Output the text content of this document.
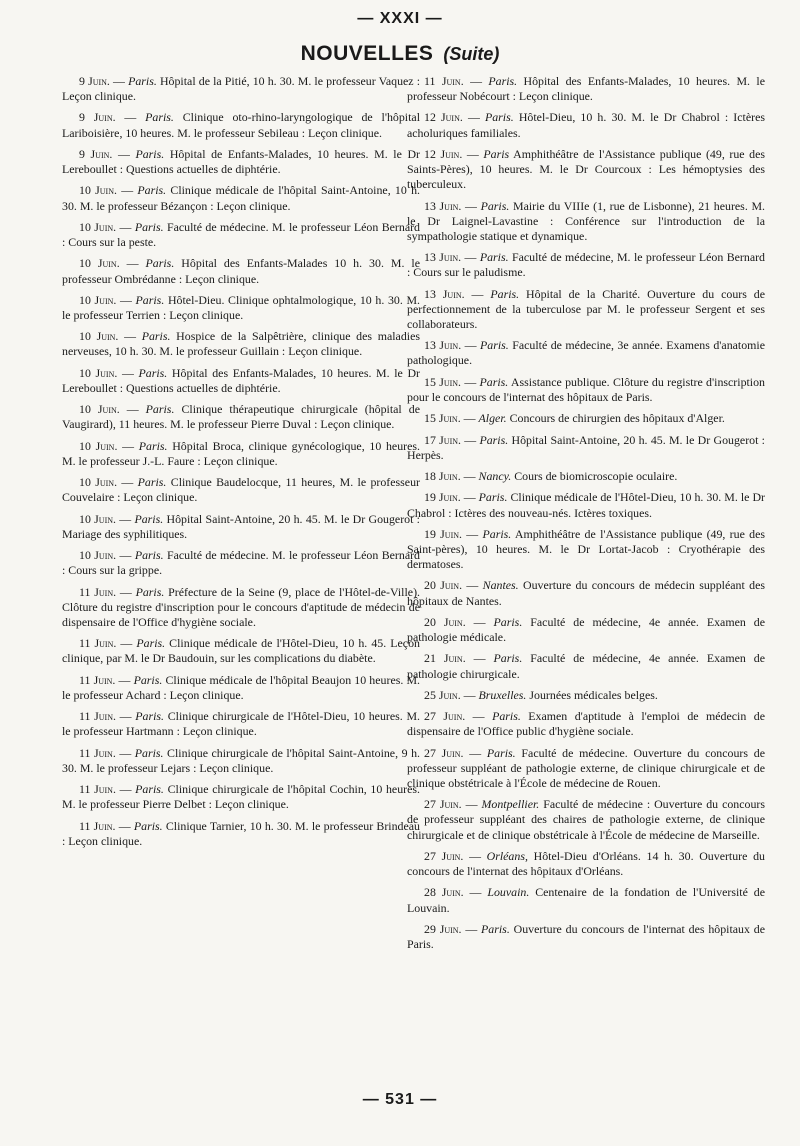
— XXXI —
NOUVELLES (Suite)

9 Juin. — Paris. Hôpital de la Pitié, 10 h. 30. M. le professeur Vaquez : Leçon clinique.

9 Juin. — Paris. Clinique oto-rhino-laryngologique de l'hôpital Lariboisière, 10 heures. M. le professeur Sebileau : Leçon clinique.

9 Juin. — Paris. Hôpital de Enfants-Malades, 10 heures. M. le Dr Lereboullet : Questions actuelles de diphtérie.

10 Juin. — Paris. Clinique médicale de l'hôpital Saint-Antoine, 10 h. 30. M. le professeur Bézançon : Leçon clinique.

10 Juin. — Paris. Faculté de médecine. M. le professeur Léon Bernard : Cours sur la peste.

10 Juin. — Paris. Hôpital des Enfants-Malades 10 h. 30. M. le professeur Ombrédanne : Leçon clinique.

10 Juin. — Paris. Hôtel-Dieu. Clinique ophtalmologique, 10 h. 30. M. le professeur Terrien : Leçon clinique.

10 Juin. — Paris. Hospice de la Salpêtrière, clinique des maladies nerveuses, 10 h. 30. M. le professeur Guillain : Leçon clinique.

10 Juin. — Paris. Hôpital des Enfants-Malades, 10 heures. M. le Dr Lereboullet : Questions actuelles de diphtérie.

10 Juin. — Paris. Clinique thérapeutique chirurgicale (hôpital de Vaugirard), 11 heures. M. le professeur Pierre Duval : Leçon clinique.

10 Juin. — Paris. Hôpital Broca, clinique gynécologique, 10 heures. M. le professeur J.-L. Faure : Leçon clinique.

10 Juin. — Paris. Clinique Baudelocque, 11 heures, M. le professeur Couvelaire : Leçon clinique.

10 Juin. — Paris. Hôpital Saint-Antoine, 20 h. 45. M. le Dr Gougerot : Mariage des syphilitiques.

10 Juin. — Paris. Faculté de médecine. M. le professeur Léon Bernard : Cours sur la grippe.

11 Juin. — Paris. Préfecture de la Seine (9, place de l'Hôtel-de-Ville). Clôture du registre d'inscription pour le concours d'aptitude de médecin de dispensaire de l'Office d'hygiène sociale.

11 Juin. — Paris. Clinique médicale de l'Hôtel-Dieu, 10 h. 45. Leçon clinique, par M. le Dr Baudouin, sur les complications du diabète.

11 Juin. — Paris. Clinique médicale de l'hôpital Beaujon 10 heures. M. le professeur Achard : Leçon clinique.

11 Juin. — Paris. Clinique chirurgicale de l'Hôtel-Dieu, 10 heures. M. le professeur Hartmann : Leçon clinique.

11 Juin. — Paris. Clinique chirurgicale de l'hôpital Saint-Antoine, 9 h. 30. M. le professeur Lejars : Leçon clinique.

11 Juin. — Paris. Clinique chirurgicale de l'hôpital Cochin, 10 heures. M. le professeur Pierre Delbet : Leçon clinique.

11 Juin. — Paris. Clinique Tarnier, 10 h. 30. M. le professeur Brindeau : Leçon clinique.

11 Juin. — Paris. Hôpital des Enfants-Malades, 10 heures. M. le professeur Nobécourt : Leçon clinique.

12 Juin. — Paris. Hôtel-Dieu, 10 h. 30. M. le Dr Chabrol : Ictères acholuriques familiales.

12 Juin. — Paris Amphithéâtre de l'Assistance publique (49, rue des Saints-Pères), 10 heures. M. le Dr Courcoux : Les hémoptysies des tuberculeux.

13 Juin. — Paris. Mairie du VIIIe (1, rue de Lisbonne), 21 heures. M. le Dr Laignel-Lavastine : Conférence sur l'introduction de la sympathologie statique et dynamique.

13 Juin. — Paris. Faculté de médecine, M. le professeur Léon Bernard : Cours sur le paludisme.

13 Juin. — Paris. Hôpital de la Charité. Ouverture du cours de perfectionnement de la tuberculose par M. le professeur Sergent et ses collaborateurs.

13 Juin. — Paris. Faculté de médecine, 3e année. Examens d'anatomie pathologique.

15 Juin. — Paris. Assistance publique. Clôture du registre d'inscription pour le concours de l'internat des hôpitaux de Paris.

15 Juin. — Alger. Concours de chirurgien des hôpitaux d'Alger.

17 Juin. — Paris. Hôpital Saint-Antoine, 20 h. 45. M. le Dr Gougerot : Herpès.

18 Juin. — Nancy. Cours de biomicroscopie oculaire.

19 Juin. — Paris. Clinique médicale de l'Hôtel-Dieu, 10 h. 30. M. le Dr Chabrol : Ictères des nouveau-nés. Ictères toxiques.

19 Juin. — Paris. Amphithéâtre de l'Assistance publique (49, rue des Saint-pères), 10 heures. M. le Dr Lortat-Jacob : Cryothérapie des dermatoses.

20 Juin. — Nantes. Ouverture du concours de médecin suppléant des hôpitaux de Nantes.

20 Juin. — Paris. Faculté de médecine, 4e année. Examen de pathologie médicale.

21 Juin. — Paris. Faculté de médecine, 4e année. Examen de pathologie chirurgicale.

25 Juin. — Bruxelles. Journées médicales belges.

27 Juin. — Paris. Examen d'aptitude à l'emploi de médecin de dispensaire de l'Office public d'hygiène sociale.

27 Juin. — Paris. Faculté de médecine. Ouverture du concours de professeur suppléant de pathologie externe, de clinique chirurgicale et de clinique obstétricale à l'École de médecine de Rouen.

27 Juin. — Montpellier. Faculté de médecine : Ouverture du concours de professeur suppléant des chaires de pathologie externe, de clinique chirurgicale et de clinique obstétricale à l'École de médecine de Marseille.

27 Juin. — Orléans, Hôtel-Dieu d'Orléans. 14 h. 30. Ouverture du concours de l'internat des hôpitaux d'Orléans.

28 Juin. — Louvain. Centenaire de la fondation de l'Université de Louvain.

29 Juin. — Paris. Ouverture du concours de l'internat des hôpitaux de Paris.

— 531 —
